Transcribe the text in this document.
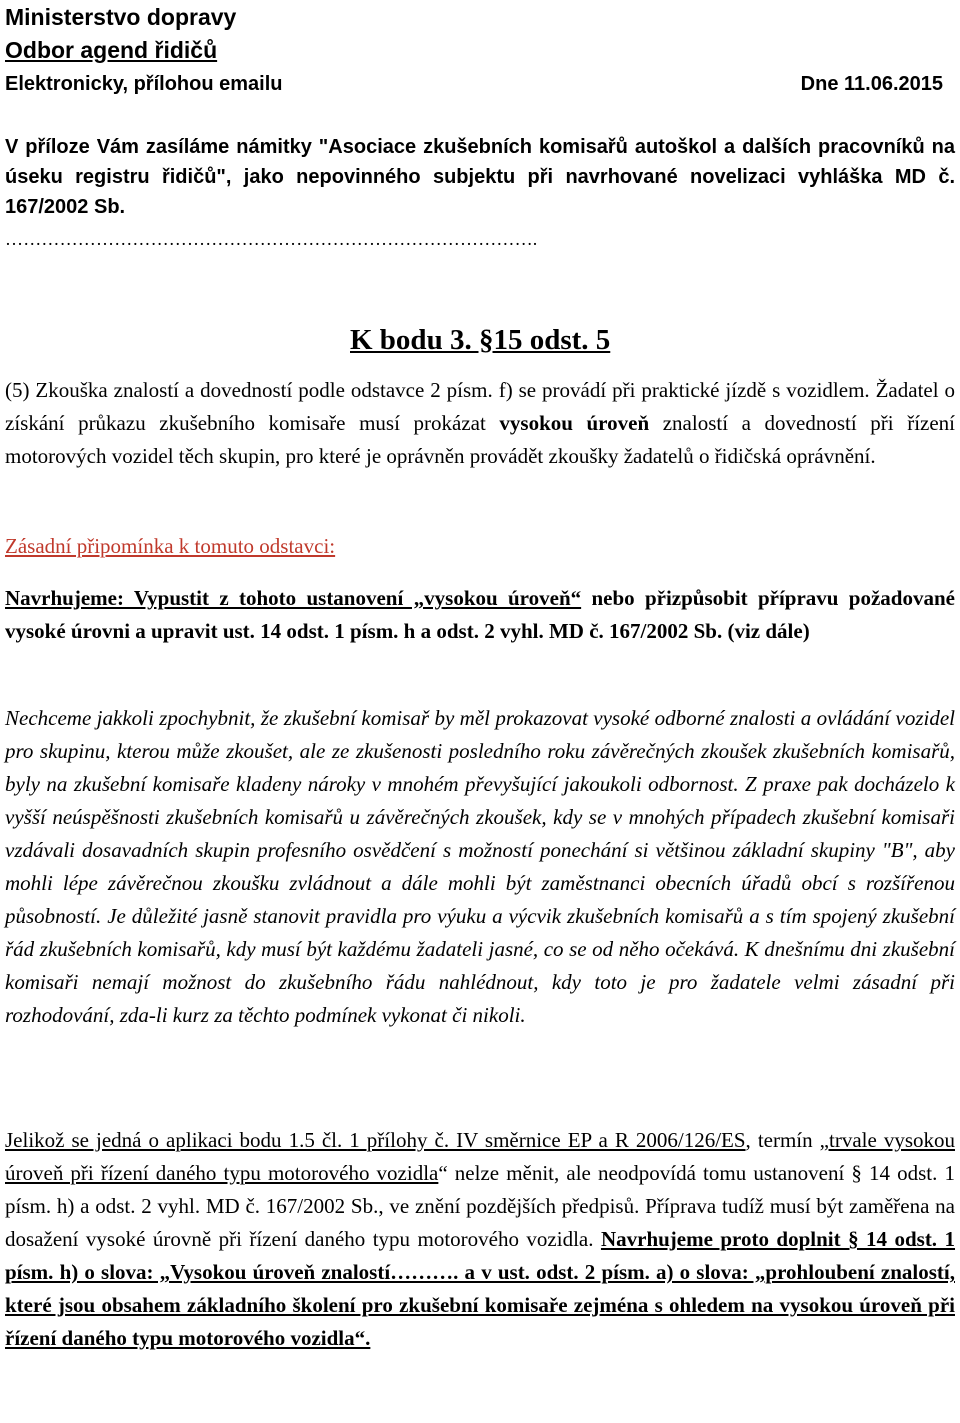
Ministerstvo dopravy
Odbor agend řidičů
Elektronicky, přílohou emailu	Dne 11.06.2015
V příloze Vám zasíláme námitky "Asociace zkušebních komisařů autoškol a dalších pracovníků na úseku registru řidičů", jako nepovinného subjektu při navrhované novelizaci vyhláška MD č. 167/2002 Sb.
…………………………………………………………………………….
K bodu 3. §15 odst. 5
(5) Zkouška znalostí a dovedností podle odstavce 2 písm. f) se provádí při praktické jízdě s vozidlem. Žadatel o získání průkazu zkušebního komisaře musí prokázat vysokou úroveň znalostí a dovedností při řízení motorových vozidel těch skupin, pro které je oprávněn provádět zkoušky žadatelů o řidičská oprávnění.
Zásadní připomínka k tomuto odstavci:
Navrhujeme: Vypustit z tohoto ustanovení „vysokou úroveň“ nebo přizpůsobit přípravu požadované vysoké úrovni a upravit ust. 14 odst. 1 písm. h a odst. 2 vyhl. MD č. 167/2002 Sb. (viz dále)
Nechceme jakkoli zpochybnit, že zkušební komisař by měl prokazovat vysoké odborné znalosti a ovládání vozidel pro skupinu, kterou může zkoušet, ale ze zkušenosti posledního roku závěrečných zkoušek zkušebních komisařů, byly na zkušební komisaře kladeny nároky v mnohém převyšující jakoukoli odbornost. Z praxe pak docházelo k vyšší neúspěšnosti zkušebních komisařů u závěrečných zkoušek, kdy se v mnohých případech zkušební komisaři vzdávali dosavadních skupin profesního osvědčení s možností ponechání si většinou základní skupiny "B", aby mohli lépe závěrečnou zkoušku zvládnout a dále mohli být zaměstnanci obecních úřadů obcí s rozšířenou působností. Je důležité jasně stanovit pravidla pro výuku a výcvik zkušebních komisařů a s tím spojený zkušební řád zkušebních komisařů, kdy musí být každému žadateli jasné, co se od něho očekává. K dnešnímu dni zkušební komisaři nemají možnost do zkušebního řádu nahlédnout, kdy toto je pro žadatele velmi zásadní při rozhodování, zda-li kurz za těchto podmínek vykonat či nikoli.
Jelikož se jedná o aplikaci bodu 1.5 čl. 1 přílohy č. IV směrnice EP a R 2006/126/ES, termín „trvale vysokou úroveň při řízení daného typu motorového vozidla“ nelze měnit, ale neodpovídá tomu ustanovení § 14 odst. 1 písm. h) a odst. 2 vyhl. MD č. 167/2002 Sb., ve znění pozdějších předpisů. Příprava tudíž musí být zaměřena na dosažení vysoké úrovně při řízení daného typu motorového vozidla. Navrhujeme proto doplnit § 14 odst. 1 písm. h) o slova: „Vysokou úroveň znalostí………. a v ust. odst. 2 písm. a) o slova: „prohloubení znalostí, které jsou obsahem základního školení pro zkušební komisaře zejména s ohledem na vysokou úroveň při řízení daného typu motorového vozidla“.
